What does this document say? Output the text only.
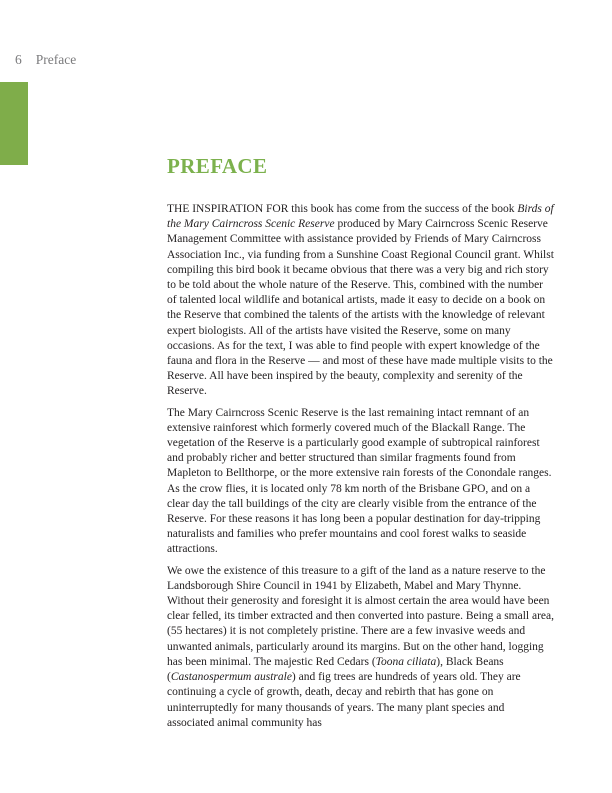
6 Preface
PREFACE

THE INSPIRATION FOR this book has come from the success of the book Birds of the Mary Cairncross Scenic Reserve produced by Mary Cairncross Scenic Reserve Management Committee with assistance provided by Friends of Mary Cairncross Association Inc., via funding from a Sunshine Coast Regional Council grant. Whilst compiling this bird book it became obvious that there was a very big and rich story to be told about the whole nature of the Reserve. This, combined with the number of talented local wildlife and botanical artists, made it easy to decide on a book on the Reserve that combined the talents of the artists with the knowledge of relevant expert biologists. All of the artists have visited the Reserve, some on many occasions. As for the text, I was able to find people with expert knowledge of the fauna and flora in the Reserve — and most of these have made multiple visits to the Reserve. All have been inspired by the beauty, complexity and serenity of the Reserve.

The Mary Cairncross Scenic Reserve is the last remaining intact remnant of an extensive rainforest which formerly covered much of the Blackall Range. The vegetation of the Reserve is a particularly good example of subtropical rainforest and probably richer and better structured than similar fragments found from Mapleton to Bellthorpe, or the more extensive rain forests of the Conondale ranges. As the crow flies, it is located only 78 km north of the Brisbane GPO, and on a clear day the tall buildings of the city are clearly visible from the entrance of the Reserve. For these reasons it has long been a popular destination for day-tripping naturalists and families who prefer mountains and cool forest walks to seaside attractions.

We owe the existence of this treasure to a gift of the land as a nature reserve to the Landsborough Shire Council in 1941 by Elizabeth, Mabel and Mary Thynne. Without their generosity and foresight it is almost certain the area would have been clear felled, its timber extracted and then converted into pasture. Being a small area, (55 hectares) it is not completely pristine. There are a few invasive weeds and unwanted animals, particularly around its margins. But on the other hand, logging has been minimal. The majestic Red Cedars (Toona ciliata), Black Beans (Castanospermum australe) and fig trees are hundreds of years old. They are continuing a cycle of growth, death, decay and rebirth that has gone on uninterruptedly for many thousands of years. The many plant species and associated animal community has
